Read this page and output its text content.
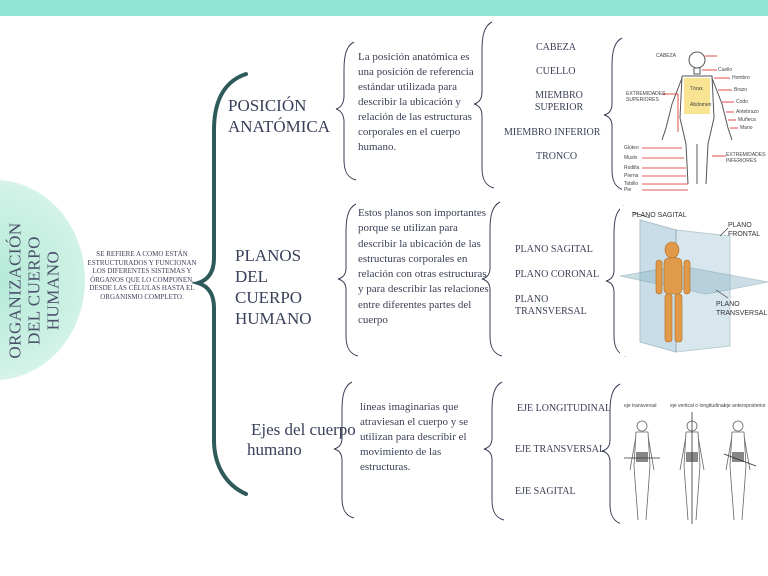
ORGANIZACIÓN DEL CUERPO HUMANO	SE REFIERE A COMO ESTÁN ESTRUCTURADOS Y FUNCIONAN LOS DIFERENTES SISTEMAS Y ÓRGANOS QUE LO COMPONEN, DESDE LAS CÉLULAS HASTA EL ORGANISMO COMPLETO.
POSICIÓN
ANATÓMICA
La posición anatómica es una posición de referencia estándar utilizada para describir la ubicación y relación de las estructuras corporales en el cuerpo humano.
CABEZA
CUELLO
MIEMBRO SUPERIOR
MIEMBRO INFERIOR
TRONCO
CABEZA
Cuello
Hombro
Brazo
Codo
Antebrazo
Muñeca
Mano
EXTREMIDADES SUPERIORES
Tórax
Abdomen
Glúteo
Muslo
Rodilla
Pierna
Tobillo
Pie
EXTREMIDADES INFERIORES
PLANOS
DEL
CUERPO
HUMANO
Estos planos son importantes porque se utilizan para describir la ubicación de las estructuras corporales en relación con otras estructuras y para describir las relaciones entre diferentes partes del cuerpo
PLANO SAGITAL
PLANO CORONAL
PLANO TRANSVERSAL
PLANO SAGITAL
PLANO FRONTAL
PLANO TRANSVERSAL
Ejes del cuerpo
humano
líneas imaginarias que atraviesan el cuerpo y se utilizan para describir el movimiento de las estructuras.
EJE LONGITUDINAL
EJE TRANSVERSAL
EJE SAGITAL
eje transversal	eje vertical o longitudinal eje anteroposterior
